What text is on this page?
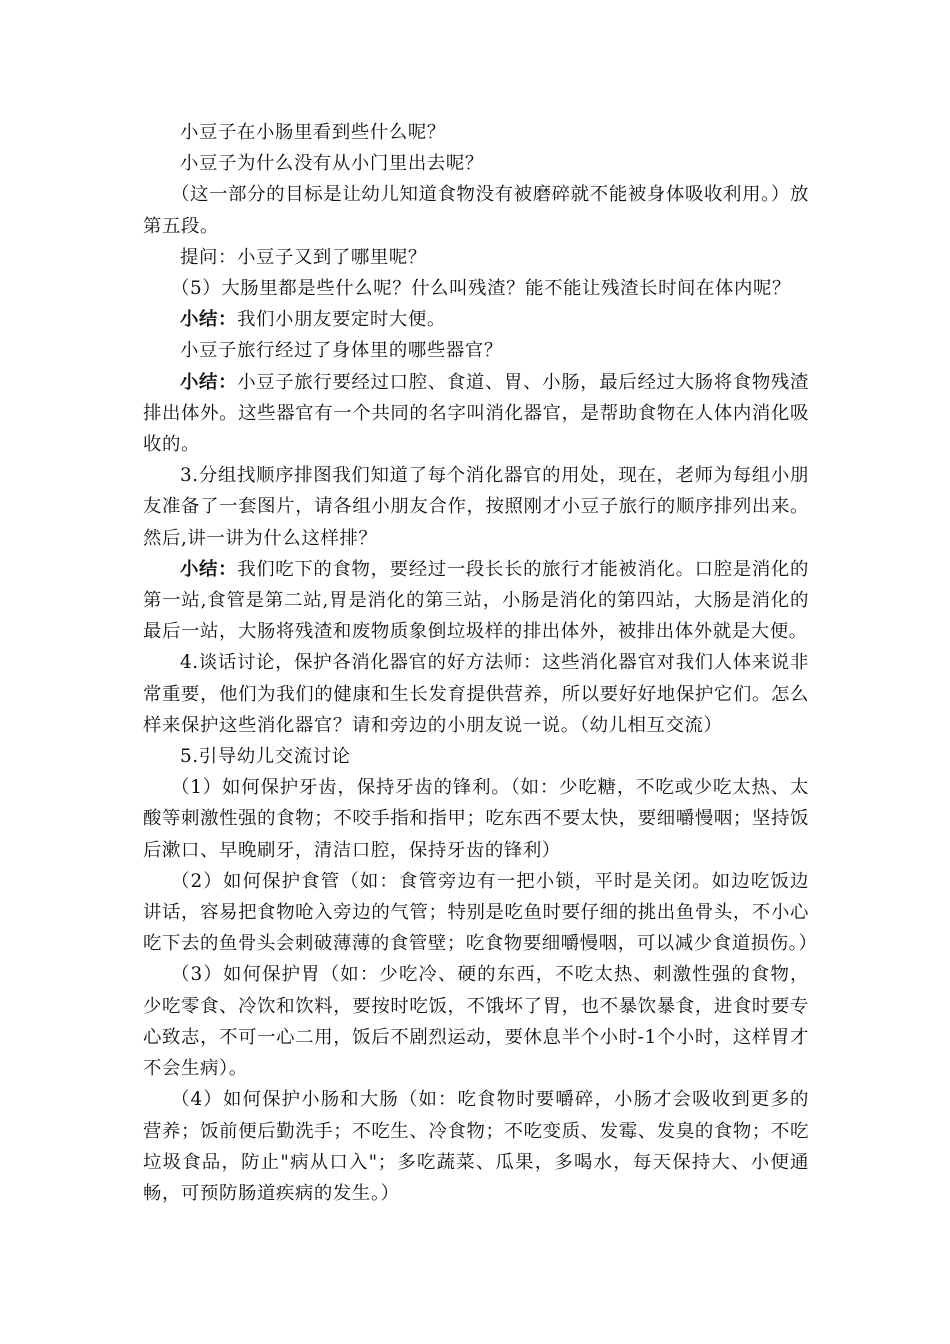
小豆子在小肠里看到些什么呢？

小豆子为什么没有从小门里出去呢？

（这一部分的目标是让幼儿知道食物没有被磨碎就不能被身体吸收利用。）放第五段。

提问：小豆子又到了哪里呢？

（5）大肠里都是些什么呢？什么叫残渣？能不能让残渣长时间在体内呢？

小结：我们小朋友要定时大便。

小豆子旅行经过了身体里的哪些器官？

小结：小豆子旅行要经过口腔、食道、胃、小肠，最后经过大肠将食物残渣排出体外。这些器官有一个共同的名字叫消化器官，是帮助食物在人体内消化吸收的。

3.分组找顺序排图我们知道了每个消化器官的用处，现在，老师为每组小朋友准备了一套图片，请各组小朋友合作，按照刚才小豆子旅行的顺序排列出来。然后,讲一讲为什么这样排？

小结：我们吃下的食物，要经过一段长长的旅行才能被消化。口腔是消化的第一站,食管是第二站,胃是消化的第三站，小肠是消化的第四站，大肠是消化的最后一站，大肠将残渣和废物质象倒垃圾样的排出体外，被排出体外就是大便。

4.谈话讨论，保护各消化器官的好方法师：这些消化器官对我们人体来说非常重要，他们为我们的健康和生长发育提供营养，所以要好好地保护它们。怎么样来保护这些消化器官？请和旁边的小朋友说一说。（幼儿相互交流）

5.引导幼儿交流讨论

（1）如何保护牙齿，保持牙齿的锋利。（如：少吃糖，不吃或少吃太热、太酸等刺激性强的食物；不咬手指和指甲；吃东西不要太快，要细嚼慢咽；坚持饭后漱口、早晚刷牙，清洁口腔，保持牙齿的锋利）

（2）如何保护食管（如：食管旁边有一把小锁，平时是关闭。如边吃饭边讲话，容易把食物呛入旁边的气管；特别是吃鱼时要仔细的挑出鱼骨头，不小心吃下去的鱼骨头会刺破薄薄的食管壁；吃食物要细嚼慢咽，可以减少食道损伤。）

（3）如何保护胃（如：少吃冷、硬的东西，不吃太热、刺激性强的食物，少吃零食、冷饮和饮料，要按时吃饭，不饿坏了胃，也不暴饮暴食，进食时要专心致志，不可一心二用，饭后不剧烈运动，要休息半个小时-1个小时，这样胃才不会生病）。

（4）如何保护小肠和大肠（如：吃食物时要嚼碎，小肠才会吸收到更多的营养；饭前便后勤洗手；不吃生、冷食物；不吃变质、发霉、发臭的食物；不吃垃圾食品，防止"病从口入"；多吃蔬菜、瓜果，多喝水，每天保持大、小便通畅，可预防肠道疾病的发生。）
